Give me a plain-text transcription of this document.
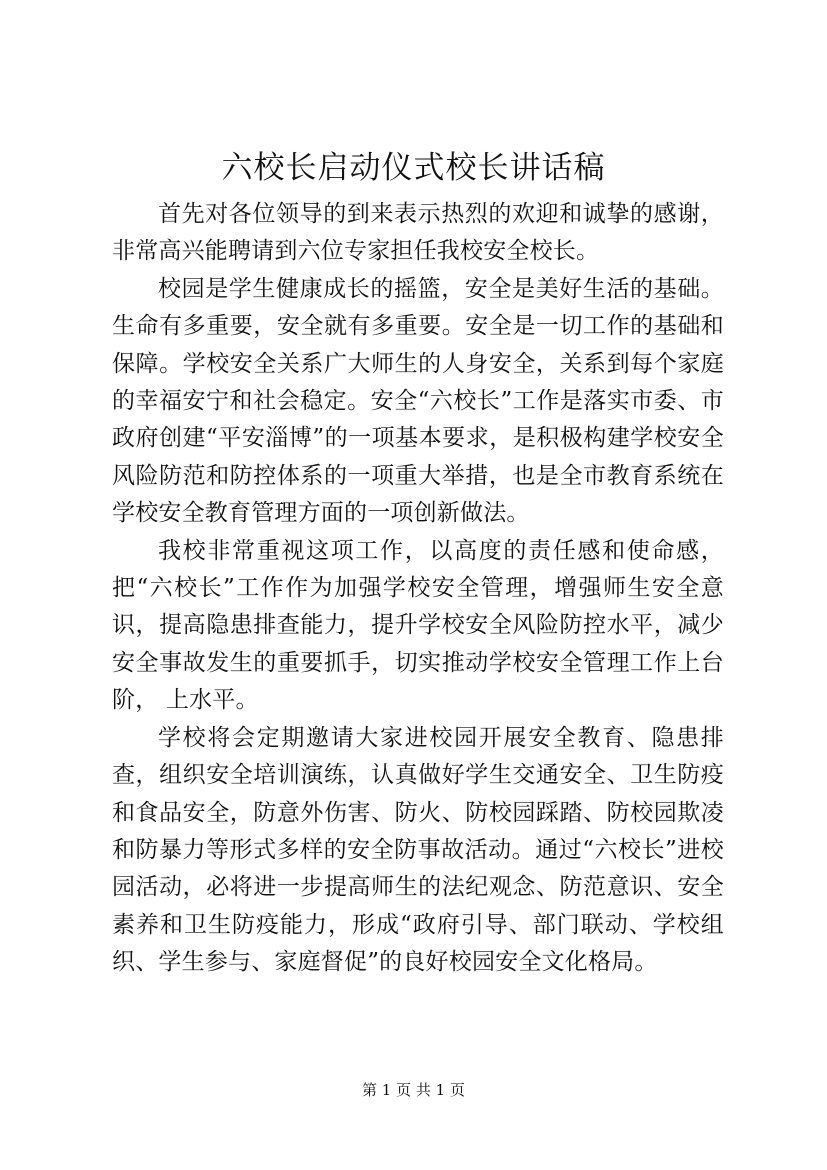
六校长启动仪式校长讲话稿

首先对各位领导的到来表示热烈的欢迎和诚挚的感谢，非常高兴能聘请到六位专家担任我校安全校长。

校园是学生健康成长的摇篮，安全是美好生活的基础。生命有多重要，安全就有多重要。安全是一切工作的基础和保障。学校安全关系广大师生的人身安全，关系到每个家庭的幸福安宁和社会稳定。安全“六校长”工作是落实市委、市政府创建“平安淄博”的一项基本要求，是积极构建学校安全风险防范和防控体系的一项重大举措，也是全市教育系统在学校安全教育管理方面的一项创新做法。

我校非常重视这项工作，以高度的责任感和使命感，把“六校长”工作作为加强学校安全管理，增强师生安全意识，提高隐患排查能力，提升学校安全风险防控水平，减少安全事故发生的重要抓手，切实推动学校安全管理工作上台阶， 上水平。

学校将会定期邀请大家进校园开展安全教育、隐患排查，组织安全培训演练，认真做好学生交通安全、卫生防疫和食品安全，防意外伤害、防火、防校园踩踏、防校园欺凌和防暴力等形式多样的安全防事故活动。通过“六校长”进校园活动，必将进一步提高师生的法纪观念、防范意识、安全素养和卫生防疫能力，形成“政府引导、部门联动、学校组织、学生参与、家庭督促”的良好校园安全文化格局。

第 1 页 共 1 页
